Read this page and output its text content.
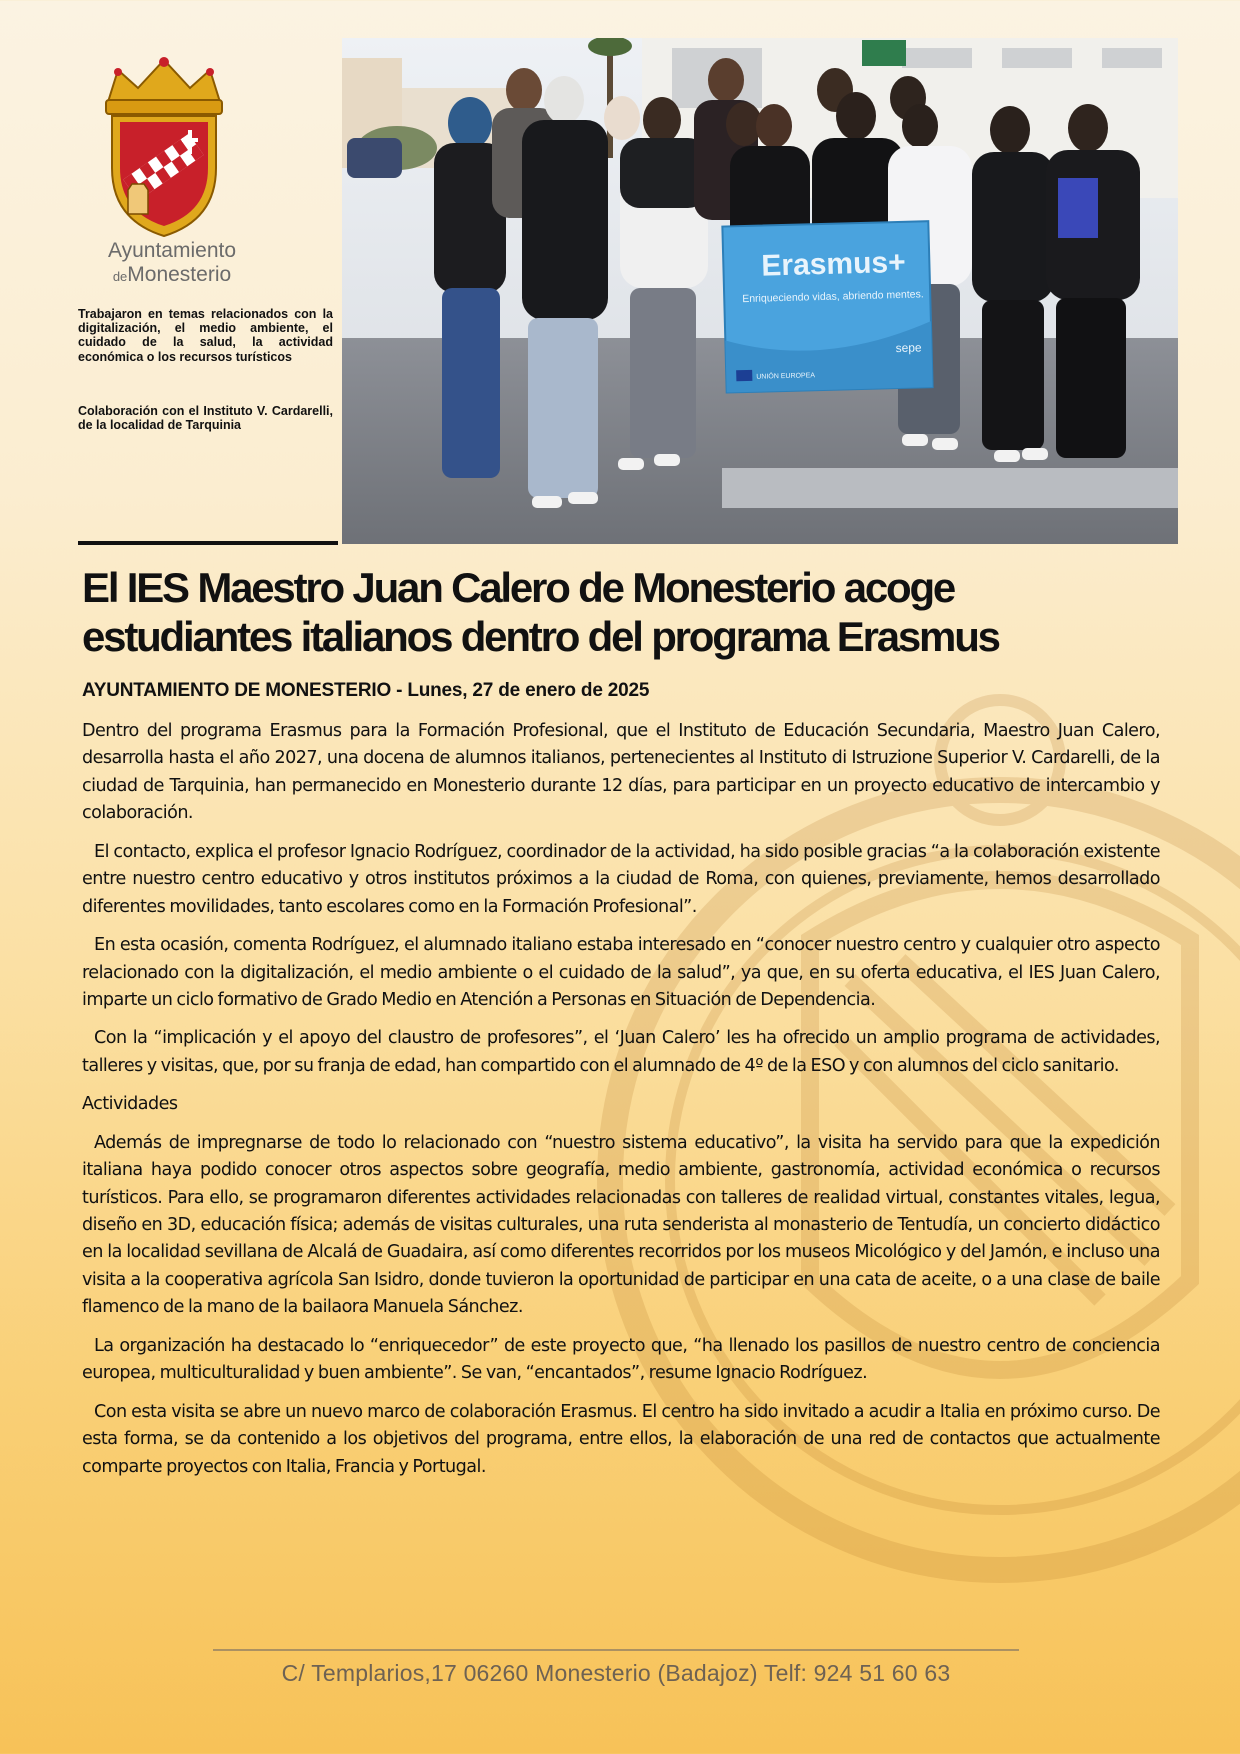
Ayuntamiento
deMonesterio

Trabajaron en temas relacionados con la digitalización, el medio ambiente, el cuidado de la salud, la actividad económica o los recursos turísticos

Colaboración con el Instituto V. Cardarelli, de la localidad de Tarquinia

Erasmus+
Enriqueciendo vidas, abriendo mentes.
UNIÓN EUROPEA
sepe
El IES Maestro Juan Calero de Monesterio acoge estudiantes italianos dentro del programa Erasmus

AYUNTAMIENTO DE MONESTERIO - Lunes, 27 de enero de 2025

Dentro del programa Erasmus para la Formación Profesional, que el Instituto de Educación Secundaria, Maestro Juan Calero, desarrolla hasta el año 2027, una docena de alumnos italianos, pertenecientes al Instituto di Istruzione Superior V. Cardarelli, de la ciudad de Tarquinia, han permanecido en Monesterio durante 12 días, para participar en un proyecto educativo de intercambio y colaboración.

El contacto, explica el profesor Ignacio Rodríguez, coordinador de la actividad, ha sido posible gracias “a la colaboración existente entre nuestro centro educativo y otros institutos próximos a la ciudad de Roma, con quienes, previamente, hemos desarrollado diferentes movilidades, tanto escolares como en la Formación Profesional”.

En esta ocasión, comenta Rodríguez, el alumnado italiano estaba interesado en “conocer nuestro centro y cualquier otro aspecto relacionado con la digitalización, el medio ambiente o el cuidado de la salud”, ya que, en su oferta educativa, el IES Juan Calero, imparte un ciclo formativo de Grado Medio en Atención a Personas en Situación de Dependencia.

Con la “implicación y el apoyo del claustro de profesores”, el ‘Juan Calero’ les ha ofrecido un amplio programa de actividades, talleres y visitas, que, por su franja de edad, han compartido con el alumnado de 4º de la ESO y con alumnos del ciclo sanitario.

Actividades

Además de impregnarse de todo lo relacionado con “nuestro sistema educativo”, la visita ha servido para que la expedición italiana haya podido conocer otros aspectos sobre geografía, medio ambiente, gastronomía, actividad económica o recursos turísticos. Para ello, se programaron diferentes actividades relacionadas con talleres de realidad virtual, constantes vitales, legua, diseño en 3D, educación física; además de visitas culturales, una ruta senderista al monasterio de Tentudía, un concierto didáctico en la localidad sevillana de Alcalá de Guadaira, así como diferentes recorridos por los museos Micológico y del Jamón, e incluso una visita a la cooperativa agrícola San Isidro, donde tuvieron la oportunidad de participar en una cata de aceite, o a una clase de baile flamenco de la mano de la bailaora Manuela Sánchez.

La organización ha destacado lo “enriquecedor” de este proyecto que, “ha llenado los pasillos de nuestro centro de conciencia europea, multiculturalidad y buen ambiente”. Se van, “encantados”, resume Ignacio Rodríguez.

Con esta visita se abre un nuevo marco de colaboración Erasmus. El centro ha sido invitado a acudir a Italia en próximo curso. De esta forma, se da contenido a los objetivos del programa, entre ellos, la elaboración de una red de contactos que actualmente comparte proyectos con Italia, Francia y Portugal.

C/ Templarios,17 06260 Monesterio (Badajoz) Telf: 924 51 60 63
